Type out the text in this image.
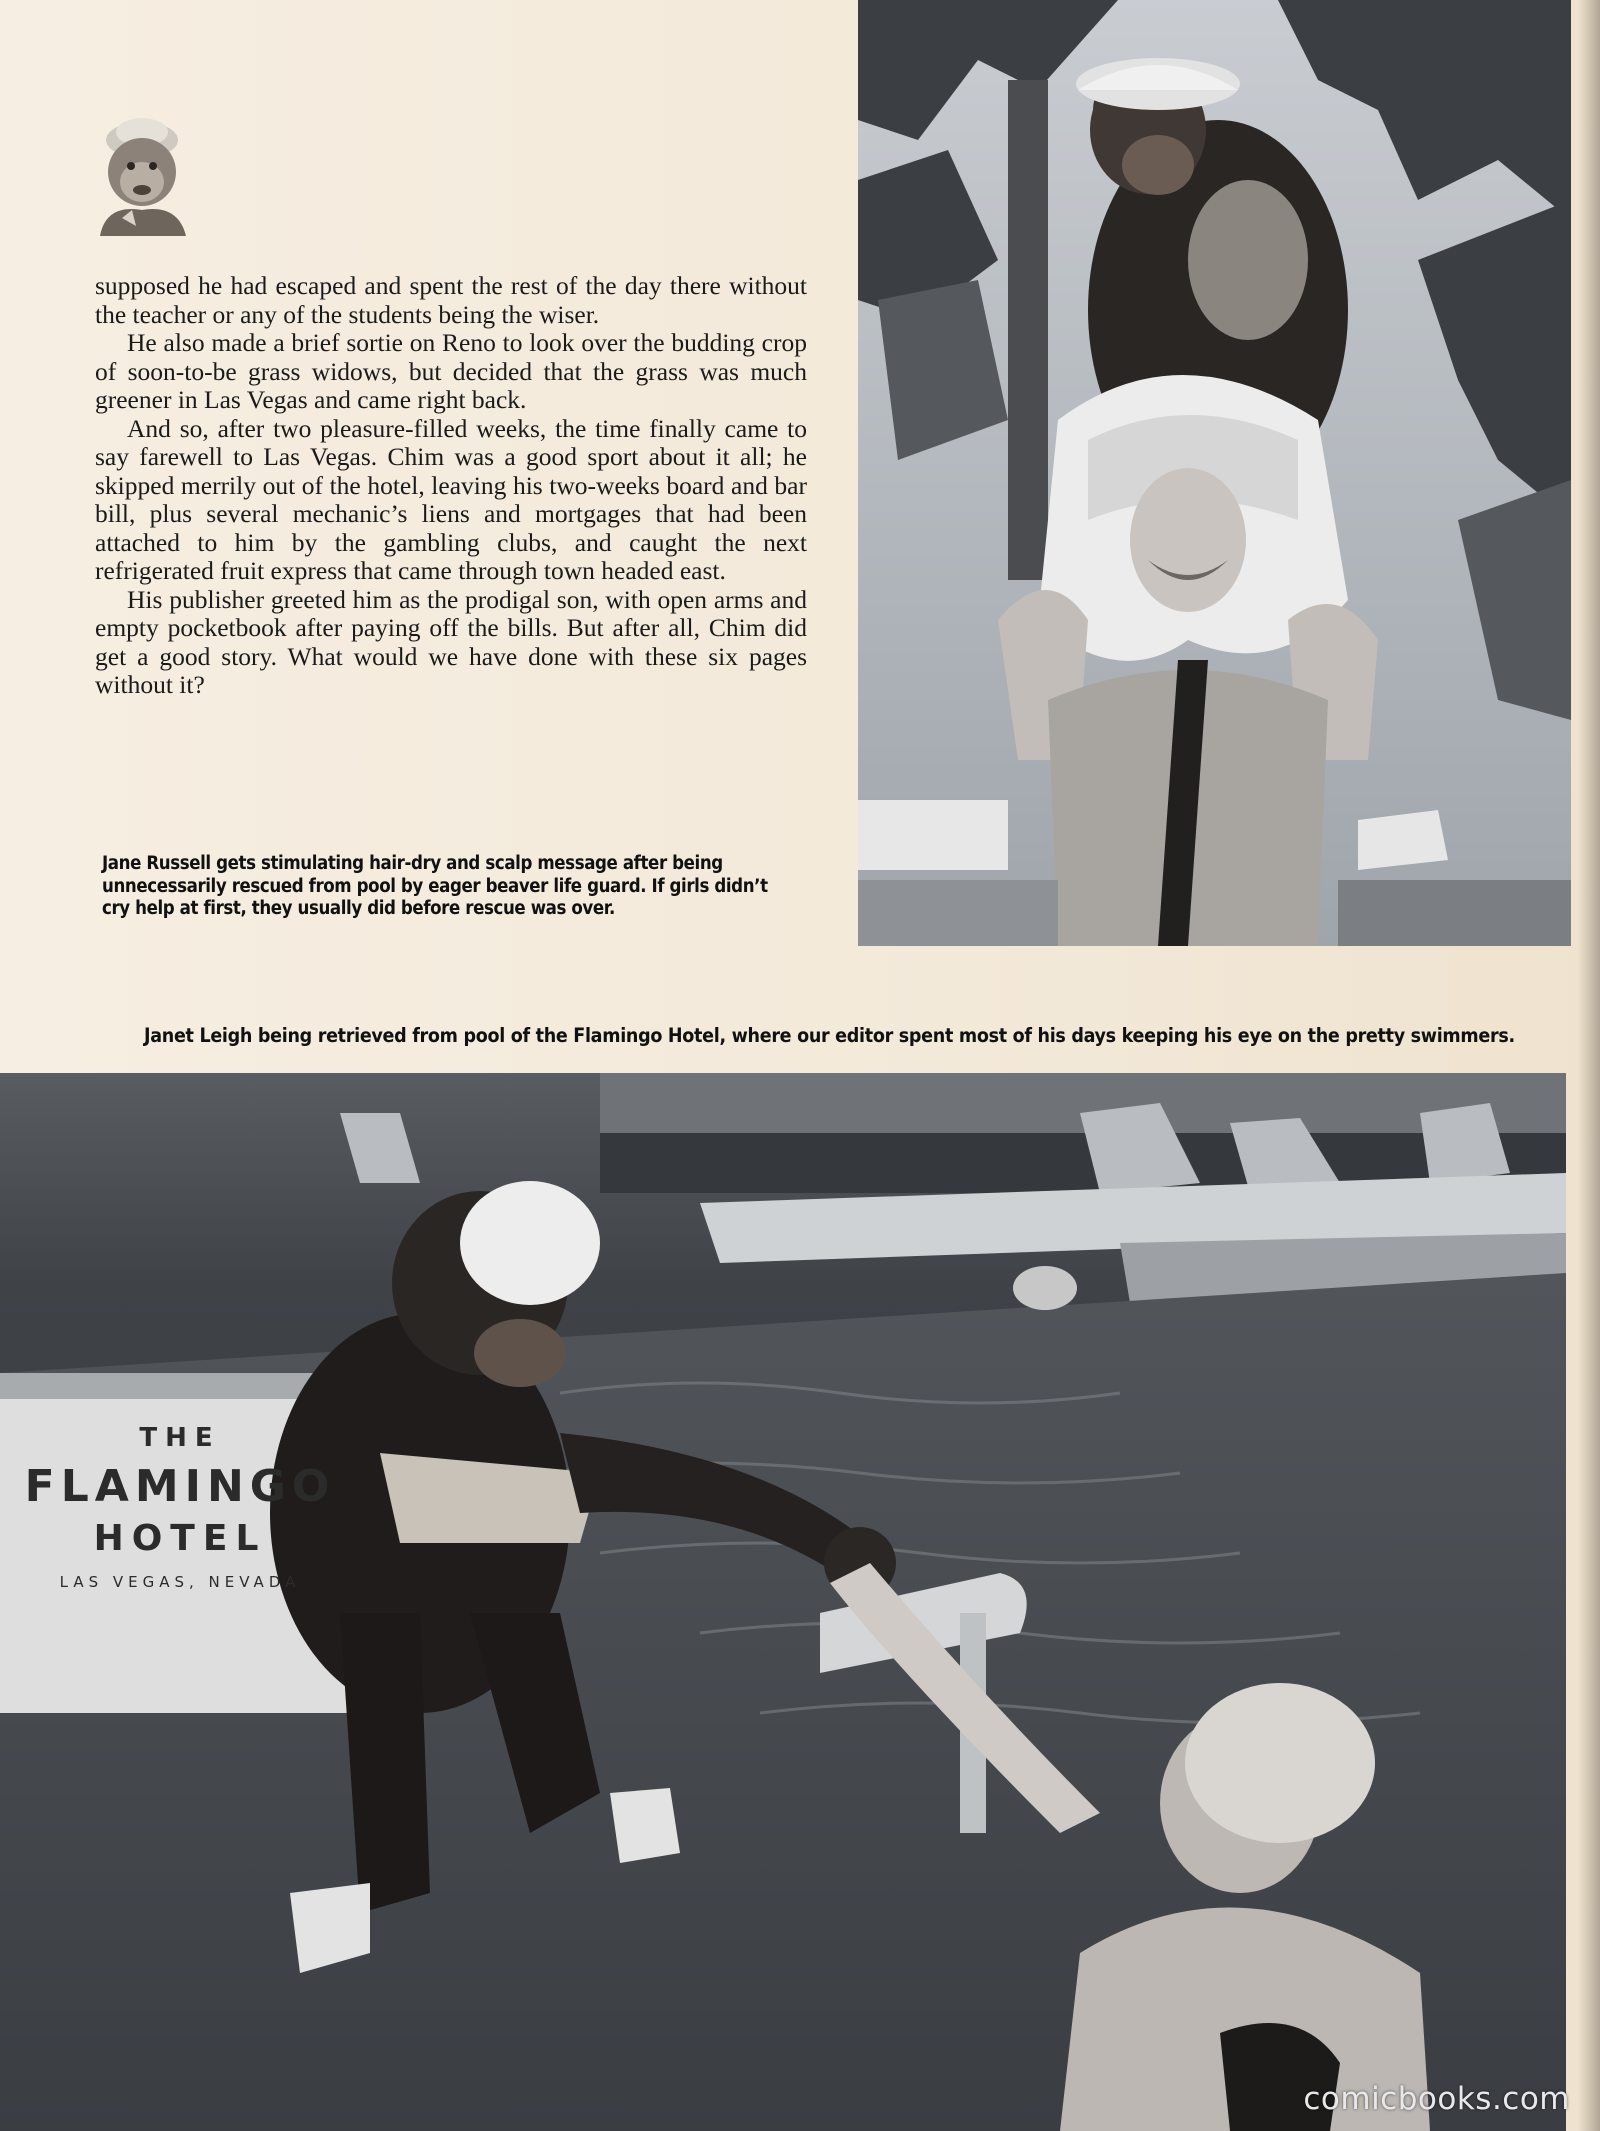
supposed he had escaped and spent the rest of the day there without the teacher or any of the students being the wiser.

He also made a brief sortie on Reno to look over the budding crop of soon-to-be grass widows, but decided that the grass was much greener in Las Vegas and came right back.

And so, after two pleasure-filled weeks, the time finally came to say farewell to Las Vegas. Chim was a good sport about it all; he skipped merrily out of the hotel, leaving his two-weeks board and bar bill, plus several mechanic’s liens and mortgages that had been attached to him by the gambling clubs, and caught the next refrigerated fruit express that came through town headed east.

His publisher greeted him as the prodigal son, with open arms and empty pocketbook after paying off the bills. But after all, Chim did get a good story. What would we have done with these six pages without it?

Jane Russell gets stimulating hair-dry and scalp message after being unnecessarily rescued from pool by eager beaver life guard. If girls didn’t cry help at first, they usually did before rescue was over.
Janet Leigh being retrieved from pool of the Flamingo Hotel, where our editor spent most of his days keeping his eye on the pretty swimmers.
THE
FLAMINGO
HOTEL
LAS VEGAS, NEVADA
comicbooks.com
